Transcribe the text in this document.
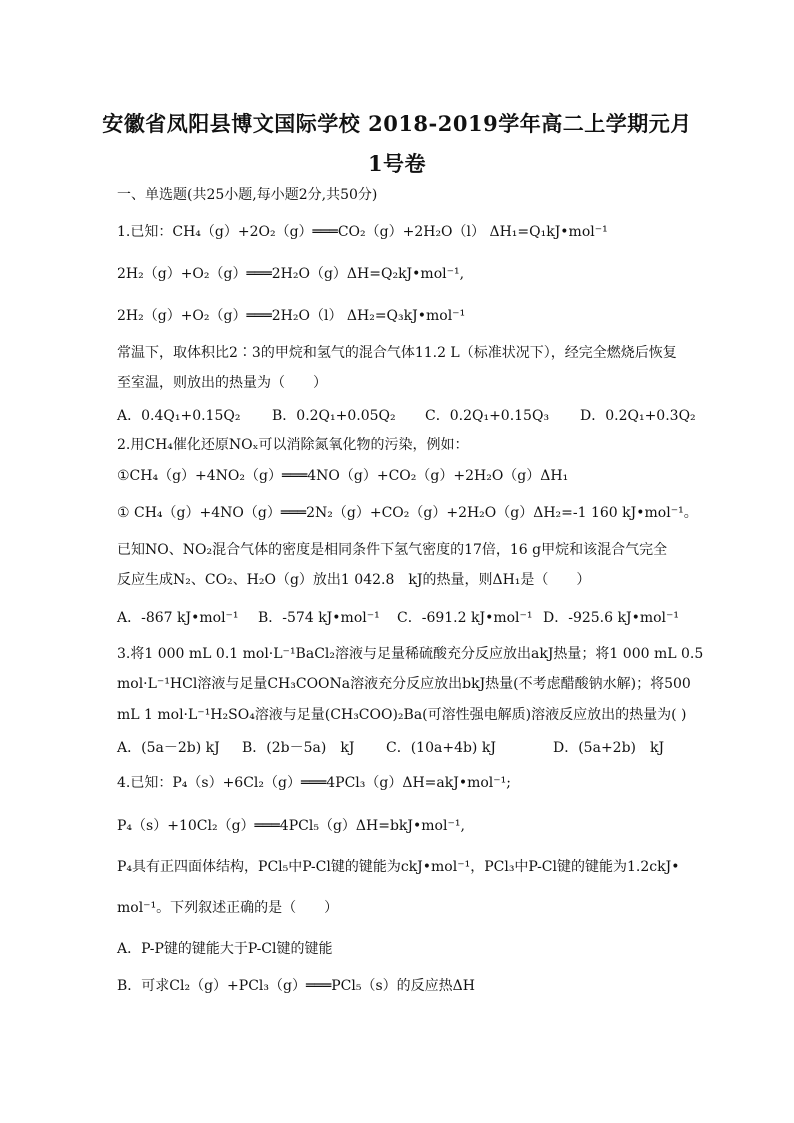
安徽省凤阳县博文国际学校 2018-2019学年高二上学期元月
1号卷
一、单选题(共25小题,每小题2分,共50分)
1.已知：CH₄（g）+2O₂（g）═══CO₂（g）+2H₂O（l） ΔH₁=Q₁kJ•mol⁻¹
2H₂（g）+O₂（g）═══2H₂O（g）ΔH=Q₂kJ•mol⁻¹,
2H₂（g）+O₂（g）═══2H₂O（l） ΔH₂=Q₃kJ•mol⁻¹
常温下，取体积比2∶3的甲烷和氢气的混合气体11.2 L（标准状况下），经完全燃烧后恢复
至室温，则放出的热量为（　　）
A．0.4Q₁+0.15Q₂ B．0.2Q₁+0.05Q₂ C．0.2Q₁+0.15Q₃ D．0.2Q₁+0.3Q₂
2.用CH₄催化还原NOₓ可以消除氮氧化物的污染，例如：
①CH₄（g）+4NO₂（g）═══4NO（g）+CO₂（g）+2H₂O（g）ΔH₁
① CH₄（g）+4NO（g）═══2N₂（g）+CO₂（g）+2H₂O（g）ΔH₂=-1 160 kJ•mol⁻¹。
已知NO、NO₂混合气体的密度是相同条件下氢气密度的17倍，16 g甲烷和该混合气完全
反应生成N₂、CO₂、H₂O（g）放出1 042.8　kJ的热量，则ΔH₁是（　　）
A．-867 kJ•mol⁻¹ B．-574 kJ•mol⁻¹ C．-691.2 kJ•mol⁻¹ D．-925.6 kJ•mol⁻¹
3.将1 000 mL 0.1 mol·L⁻¹BaCl₂溶液与足量稀硫酸充分反应放出akJ热量；将1 000 mL 0.5
mol·L⁻¹HCl溶液与足量CH₃COONa溶液充分反应放出bkJ热量(不考虑醋酸钠水解)；将500
mL 1 mol·L⁻¹H₂SO₄溶液与足量(CH₃COO)₂Ba(可溶性强电解质)溶液反应放出的热量为( )
A．(5a－2b) kJ B．(2b－5a)　kJ C．(10a+4b) kJ	D．(5a+2b)　kJ
4.已知：P₄（s）+6Cl₂（g）═══4PCl₃（g）ΔH=akJ•mol⁻¹;
P₄（s）+10Cl₂（g）═══4PCl₅（g）ΔH=bkJ•mol⁻¹,
P₄具有正四面体结构，PCl₅中P-Cl键的键能为ckJ•mol⁻¹，PCl₃中P-Cl键的键能为1.2ckJ•
mol⁻¹。下列叙述正确的是（　　）
A．P-P键的键能大于P-Cl键的键能
B．可求Cl₂（g）+PCl₃（g）═══PCl₅（s）的反应热ΔH
